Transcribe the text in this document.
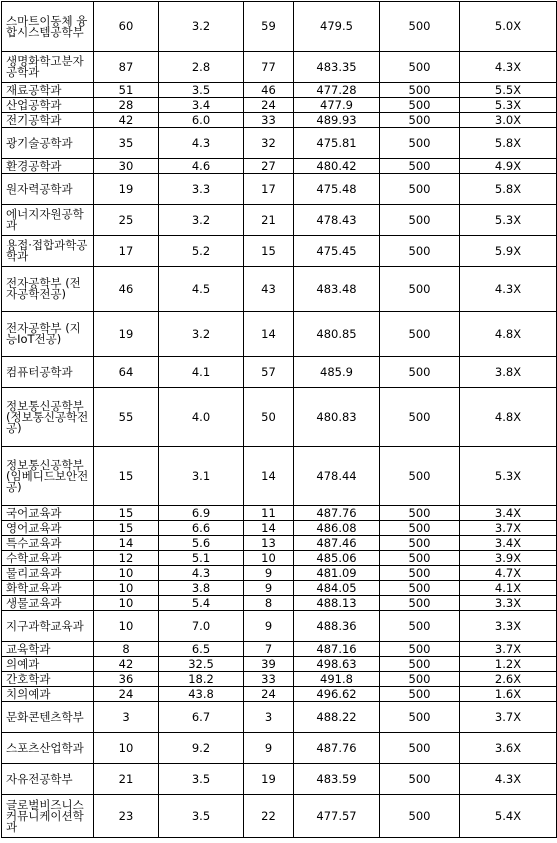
스마트이동체 융합시스템공학부	60	3.2	59	479.5	500	5.0X
생명화학고분자공학과	87	2.8	77	483.35	500	4.3X
재료공학과	51	3.5	46	477.28	500	5.5X
산업공학과	28	3.4	24	477.9	500	5.3X
전기공학과	42	6.0	33	489.93	500	3.0X
광기술공학과	35	4.3	32	475.81	500	5.8X
환경공학과	30	4.6	27	480.42	500	4.9X
원자력공학과	19	3.3	17	475.48	500	5.8X
에너지자원공학과	25	3.2	21	478.43	500	5.3X
용접·접합과학공학과	17	5.2	15	475.45	500	5.9X
전자공학부 (전자공학전공)	46	4.5	43	483.48	500	4.3X
전자공학부 (지능IoT전공)	19	3.2	14	480.85	500	4.8X
컴퓨터공학과	64	4.1	57	485.9	500	3.8X
정보통신공학부 (정보통신공학전공)	55	4.0	50	480.83	500	4.8X
정보통신공학부 (임베디드보안전공)	15	3.1	14	478.44	500	5.3X
국어교육과	15	6.9	11	487.76	500	3.4X
영어교육과	15	6.6	14	486.08	500	3.7X
특수교육과	14	5.6	13	487.46	500	3.4X
수학교육과	12	5.1	10	485.06	500	3.9X
물리교육과	10	4.3	9	481.09	500	4.7X
화학교육과	10	3.8	9	484.05	500	4.1X
생물교육과	10	5.4	8	488.13	500	3.3X
지구과학교육과	10	7.0	9	488.36	500	3.3X
교육학과	8	6.5	7	487.16	500	3.7X
의예과	42	32.5	39	498.63	500	1.2X
간호학과	36	18.2	33	491.8	500	2.6X
치의예과	24	43.8	24	496.62	500	1.6X
문화콘텐츠학부	3	6.7	3	488.22	500	3.7X
스포츠산업학과	10	9.2	9	487.76	500	3.6X
자유전공학부	21	3.5	19	483.59	500	4.3X
글로벌비즈니스커뮤니케이션학과	23	3.5	22	477.57	500	5.4X
